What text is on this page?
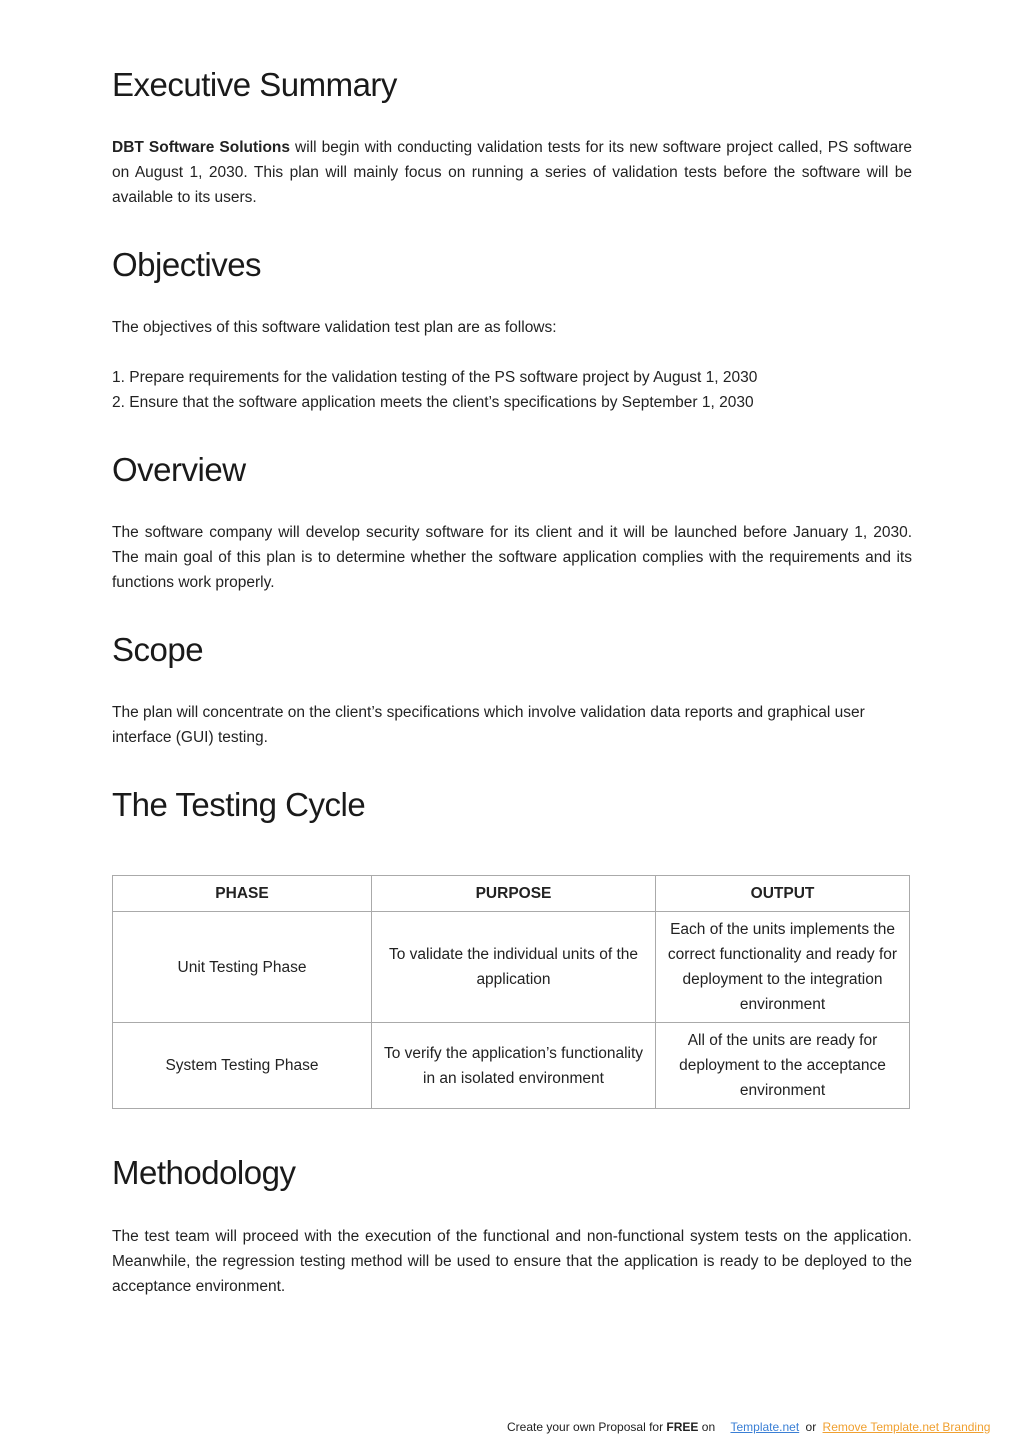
Executive Summary

DBT Software Solutions will begin with conducting validation tests for its new software project called, PS software on August 1, 2030. This plan will mainly focus on running a series of validation tests before the software will be available to its users.

Objectives

The objectives of this software validation test plan are as follows:

1. Prepare requirements for the validation testing of the PS software project by August 1, 2030

2. Ensure that the software application meets the client’s specifications by September 1, 2030

Overview

The software company will develop security software for its client and it will be launched before January 1, 2030. The main goal of this plan is to determine whether the software application complies with the requirements and its functions work properly.

Scope

The plan will concentrate on the client’s specifications which involve validation data reports and graphical user interface (GUI) testing.

The Testing Cycle
PHASE	PURPOSE	OUTPUT
Unit Testing Phase	To validate the individual units of the application	Each of the units implements the correct functionality and ready for deployment to the integration environment
System Testing Phase	To verify the application’s functionality in an isolated environment	All of the units are ready for deployment to the acceptance environment
Methodology

The test team will proceed with the execution of the functional and non-functional system tests on the application. Meanwhile, the regression testing method will be used to ensure that the application is ready to be deployed to the acceptance environment.

Create your own Proposal for FREE on Template.net or Remove Template.net Branding
